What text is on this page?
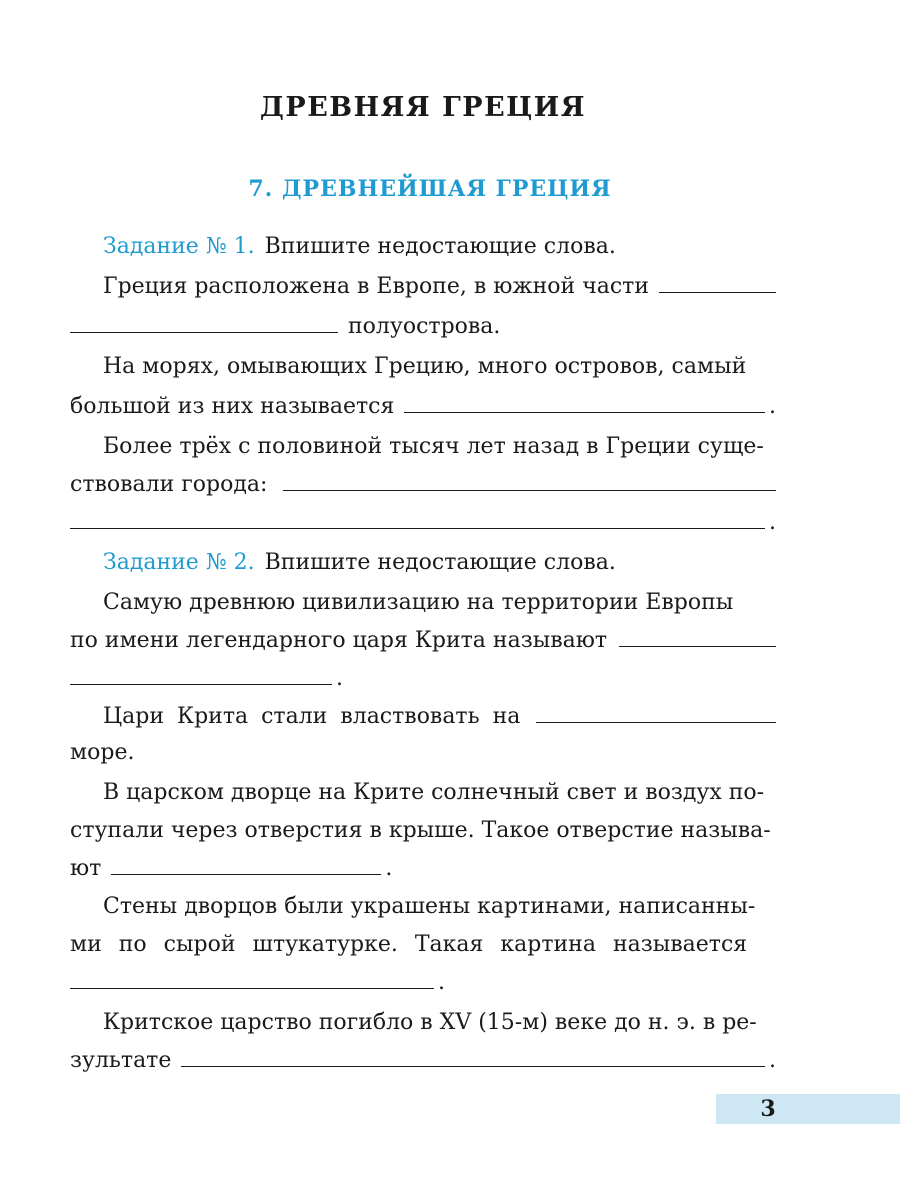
ДРЕВНЯЯ ГРЕЦИЯ
7. ДРЕВНЕЙШАЯ ГРЕЦИЯ
Задание № 1. Впишите недостающие слова.
Греция расположена в Европе, в южной части
полуострова.
На морях, омывающих Грецию, много островов, самый
большой из них называется	.
Более трёх с половиной тысяч лет назад в Греции суще-
ствовали города:
.
Задание № 2. Впишите недостающие слова.
Самую древнюю цивилизацию на территории Европы
по имени легендарного царя Крита называют
.
Цари Крита стали властвовать на
море.
В царском дворце на Крите солнечный свет и воздух по-
ступали через отверстия в крыше. Такое отверстие называ-
ют	.
Стены дворцов были украшены картинами, написанны-
ми по сырой штукатурке. Такая картина называется
.
Критское царство погибло в XV (15-м) веке до н. э. в ре-
зультате	.
3
